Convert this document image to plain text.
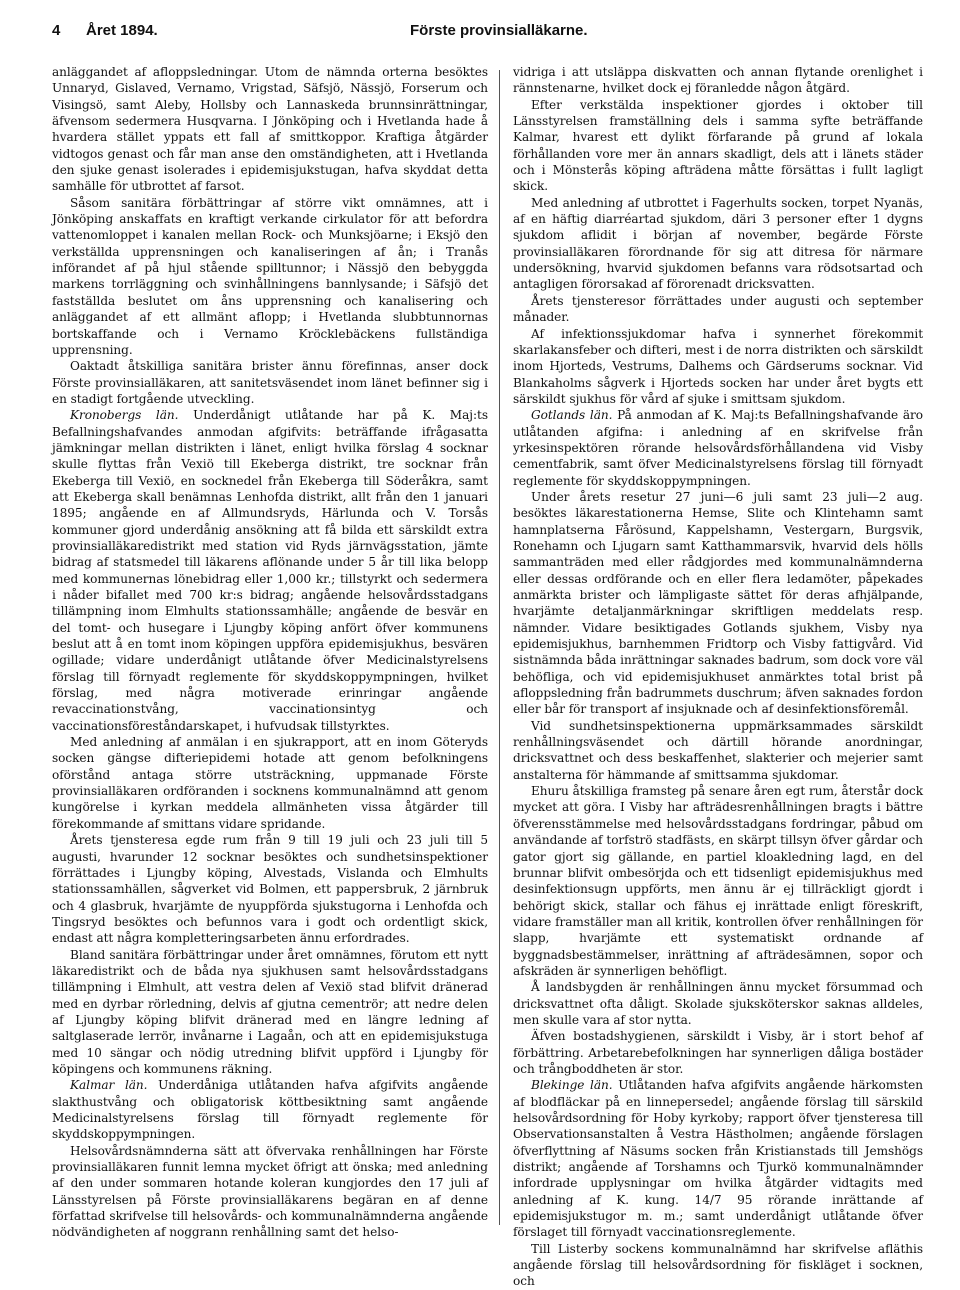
4 Året 1894.	Förste provinsialläkarne.

anläggandet af afloppsledningar. Utom de nämnda orterna besöktes Unnaryd, Gislaved, Vernamo, Vrigstad, Säfsjö, Nässjö, Forserum och Visingsö, samt Aleby, Hollsby och Lannaskeda brunnsinrättningar, äfvensom sedermera Husqvarna. I Jönköping och i Hvetlanda hade å hvardera stället yppats ett fall af smittkoppor. Kraftiga åtgärder vidtogos genast och får man anse den omständigheten, att i Hvetlanda den sjuke genast isolerades i epidemisjukstugan, hafva skyddat detta samhälle för utbrottet af farsot.

Såsom sanitära förbättringar af större vikt omnämnes, att i Jönköping anskaffats en kraftigt verkande cirkulator för att befordra vattenomloppet i kanalen mellan Rock- och Munksjöarne; i Eksjö den verkställda upprensningen och kanaliseringen af ån; i Tranås införandet af på hjul stående spilltunnor; i Nässjö den bebyggda markens torrläggning och svinhållningens bannlysande; i Säfsjö det fastställda beslutet om åns upprensning och kanalisering och anläggandet af ett allmänt aflopp; i Hvetlanda slubbtunnornas bortskaffande och i Vernamo Kröcklebäckens fullständiga upprensning.

Oaktadt åtskilliga sanitära brister ännu förefinnas, anser dock Förste provinsialläkaren, att sanitetsväsendet inom länet befinner sig i en stadigt fortgående utveckling.

Kronobergs län. Underdånigt utlåtande har på K. Maj:ts Befallningshafvandes anmodan afgifvits: beträffande ifrågasatta jämkningar mellan distrikten i länet, enligt hvilka förslag 4 socknar skulle flyttas från Vexiö till Ekeberga distrikt, tre socknar från Ekeberga till Vexiö, en socknedel från Ekeberga till Söderåkra, samt att Ekeberga skall benämnas Lenhofda distrikt, allt från den 1 januari 1895; angående en af Allmundsryds, Härlunda och V. Torsås kommuner gjord underdånig ansökning att få bilda ett särskildt extra provinsialläkaredistrikt med station vid Ryds järnvägsstation, jämte bidrag af statsmedel till läkarens aflönande under 5 år till lika belopp med kommunernas lönebidrag eller 1,000 kr.; tillstyrkt och sedermera i nåder bifallet med 700 kr:s bidrag; angående helsovårdsstadgans tillämpning inom Elmhults stationssamhälle; angående de besvär en del tomt- och husegare i Ljungby köping anfört öfver kommunens beslut att å en tomt inom köpingen uppföra epidemisjukhus, besvären ogillade; vidare underdånigt utlåtande öfver Medicinalstyrelsens förslag till förnyadt reglemente för skyddskoppympningen, hvilket förslag, med några motiverade erinringar angående revaccinationstvång, vaccinationsintyg och vaccinationsföreståndarskapet, i hufvudsak tillstyrktes.

Med anledning af anmälan i en sjukrapport, att en inom Göteryds socken gängse difteriepidemi hotade att genom befolkningens oförstånd antaga större utsträckning, uppmanade Förste provinsialläkaren ordföranden i socknens kommunalnämnd att genom kungörelse i kyrkan meddela allmänheten vissa åtgärder till förekommande af smittans vidare spridande.

Årets tjensteresa egde rum från 9 till 19 juli och 23 juli till 5 augusti, hvarunder 12 socknar besöktes och sundhetsinspektioner förrättades i Ljungby köping, Alvestads, Vislanda och Elmhults stationssamhällen, sågverket vid Bolmen, ett pappersbruk, 2 järnbruk och 4 glasbruk, hvarjämte de nyuppförda sjukstugorna i Lenhofda och Tingsryd besöktes och befunnos vara i godt och ordentligt skick, endast att några kompletteringsarbeten ännu erfordrades.

Bland sanitära förbättringar under året omnämnes, förutom ett nytt läkaredistrikt och de båda nya sjukhusen samt helsovårdsstadgans tillämpning i Elmhult, att vestra delen af Vexiö stad blifvit dränerad med en dyrbar rörledning, delvis af gjutna cementrör; att nedre delen af Ljungby köping blifvit dränerad med en längre ledning af saltglaserade lerrör, invånarne i Lagaån, och att en epidemisjukstuga med 10 sängar och nödig utredning blifvit uppförd i Ljungby för köpingens och kommunens räkning.

Kalmar län. Underdåniga utlåtanden hafva afgifvits angående slakthustvång och obligatorisk köttbesiktning samt angående Medicinalstyrelsens förslag till förnyadt reglemente för skyddskoppympningen.

Helsovårdsnämnderna sätt att öfvervaka renhållningen har Förste provinsialläkaren funnit lemna mycket öfrigt att önska; med anledning af den under sommaren hotande koleran kungjordes den 17 juli af Länsstyrelsen på Förste provinsialläkarens begäran en af denne författad skrifvelse till helsovårds- och kommunalnämnderna angående nödvändigheten af noggrann renhållning samt det helso-

vidriga i att utsläppa diskvatten och annan flytande orenlighet i rännstenarne, hvilket dock ej föranledde någon åtgärd.

Efter verkstälda inspektioner gjordes i oktober till Länsstyrelsen framställning dels i samma syfte beträffande Kalmar, hvarest ett dylikt förfarande på grund af lokala förhållanden vore mer än annars skadligt, dels att i länets städer och i Mönsterås köping afträdena måtte försättas i fullt lagligt skick.

Med anledning af utbrottet i Fagerhults socken, torpet Nyanäs, af en häftig diarréartad sjukdom, däri 3 personer efter 1 dygns sjukdom aflidit i början af november, begärde Förste provinsialläkaren förordnande för sig att ditresa för närmare undersökning, hvarvid sjukdomen befanns vara rödsotsartad och antagligen förorsakad af förorenadt dricksvatten.

Årets tjensteresor förrättades under augusti och september månader.

Af infektionssjukdomar hafva i synnerhet förekommit skarlakansfeber och difteri, mest i de norra distrikten och särskildt inom Hjorteds, Vestrums, Dalhems och Gärdserums socknar. Vid Blankaholms sågverk i Hjorteds socken har under året bygts ett särskildt sjukhus för vård af sjuke i smittsam sjukdom.

Gotlands län. På anmodan af K. Maj:ts Befallningshafvande äro utlåtanden afgifna: i anledning af en skrifvelse från yrkesinspektören rörande helsovårdsförhållandena vid Visby cementfabrik, samt öfver Medicinalstyrelsens förslag till förnyadt reglemente för skyddskoppympningen.

Under årets resetur 27 juni—6 juli samt 23 juli—2 aug. besöktes läkarestationerna Hemse, Slite och Klintehamn samt hamnplatserna Fårösund, Kappelshamn, Vestergarn, Burgsvik, Ronehamn och Ljugarn samt Katthammarsvik, hvarvid dels hölls sammanträden med eller rådgjordes med kommunalnämnderna eller dessas ordförande och en eller flera ledamöter, påpekades anmärkta brister och lämpligaste sättet för deras afhjälpande, hvarjämte detaljanmärkningar skriftligen meddelats resp. nämnder. Vidare besiktigades Gotlands sjukhem, Visby nya epidemisjukhus, barnhemmen Fridtorp och Visby fattigvård. Vid sistnämnda båda inrättningar saknades badrum, som dock vore väl behöfliga, och vid epidemisjukhuset anmärktes total brist på afloppsledning från badrummets duschrum; äfven saknades fordon eller bår för transport af insjuknade och af desinfektionsföremål.

Vid sundhetsinspektionerna uppmärksammades särskildt renhållningsväsendet och därtill hörande anordningar, dricksvattnet och dess beskaffenhet, slakterier och mejerier samt anstalterna för hämmande af smittsamma sjukdomar.

Ehuru åtskilliga framsteg på senare åren egt rum, återstår dock mycket att göra. I Visby har afträdesrenhållningen bragts i bättre öfverensstämmelse med helsovårdsstadgans fordringar, påbud om användande af torfströ stadfästs, en skärpt tillsyn öfver gårdar och gator gjort sig gällande, en partiel kloakledning lagd, en del brunnar blifvit ombesörjda och ett tidsenligt epidemisjukhus med desinfektionsugn uppförts, men ännu är ej tillräckligt gjordt i behörigt skick, stallar och fähus ej inrättade enligt föreskrift, vidare framställer man all kritik, kontrollen öfver renhållningen för slapp, hvarjämte ett systematiskt ordnande af byggnadsbestämmelser, inrättning af afträdesämnen, sopor och afskräden är synnerligen behöfligt.

Å landsbygden är renhållningen ännu mycket försummad och dricksvattnet ofta dåligt. Skolade sjuksköterskor saknas alldeles, men skulle vara af stor nytta.

Äfven bostadshygienen, särskildt i Visby, är i stort behof af förbättring. Arbetarebefolkningen har synnerligen dåliga bostäder och trångboddheten är stor.

Blekinge län. Utlåtanden hafva afgifvits angående härkomsten af blodfläckar på en linnepersedel; angående förslag till särskild helsovårdsordning för Hoby kyrkoby; rapport öfver tjensteresa till Observationsanstalten å Vestra Hästholmen; angående förslagen öfverflyttning af Näsums socken från Kristianstads till Jemshögs distrikt; angående af Torshamns och Tjurkö kommunalnämnder infordrade upplysningar om hvilka åtgärder vidtagits med anledning af K. kung. 14/7 95 rörande inrättande af epidemisjukstugor m. m.; samt underdånigt utlåtande öfver förslaget till förnyadt vaccinationsreglemente.

Till Listerby sockens kommunalnämnd har skrifvelse afläthis angående förslag till helsovårdsordning för fiskläget i socknen, och
